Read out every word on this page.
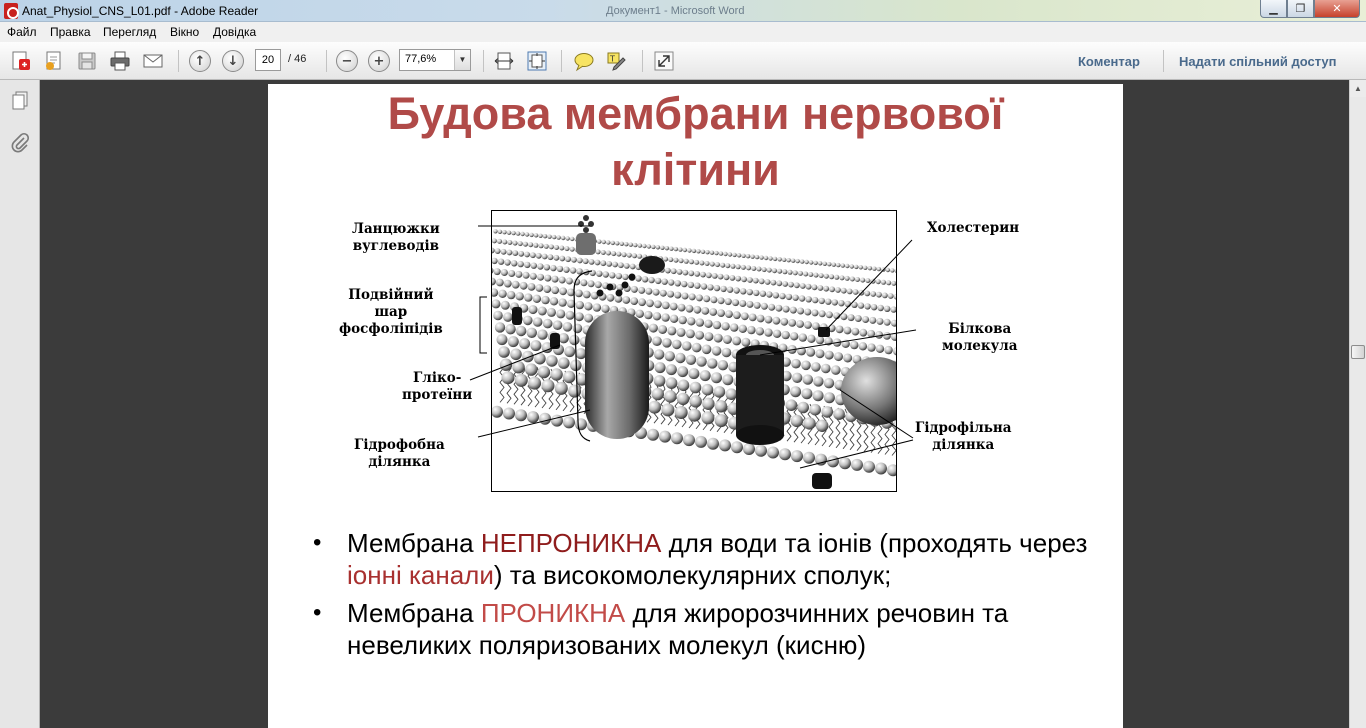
Anat_Physiol_CNS_L01.pdf - Adobe Reader	Документ1 - Microsoft Word	▁	❐	✕
Файл Правка Перегляд Вікно Довідка
↑	↓	−	+	T
20	/ 46	77,6%	▼	Коментар	Надати спільний доступ
Будова мембрани нервової
клітини
Ланцюжки
вуглеводів
Подвійний
шар
фосфоліпідів
Гліко-
протеїни
Гідрофобна
ділянка
Холестерин
Білкова
молекула
Гідрофільна
ділянка
• Мембрана НЕПРОНИКНА для води та іонів (проходять через іонні канали) та високомолекулярних сполук;
• Мембрана ПРОНИКНА для жиророзчинних речовин та невеликих поляризованих молекул (кисню)
▲
